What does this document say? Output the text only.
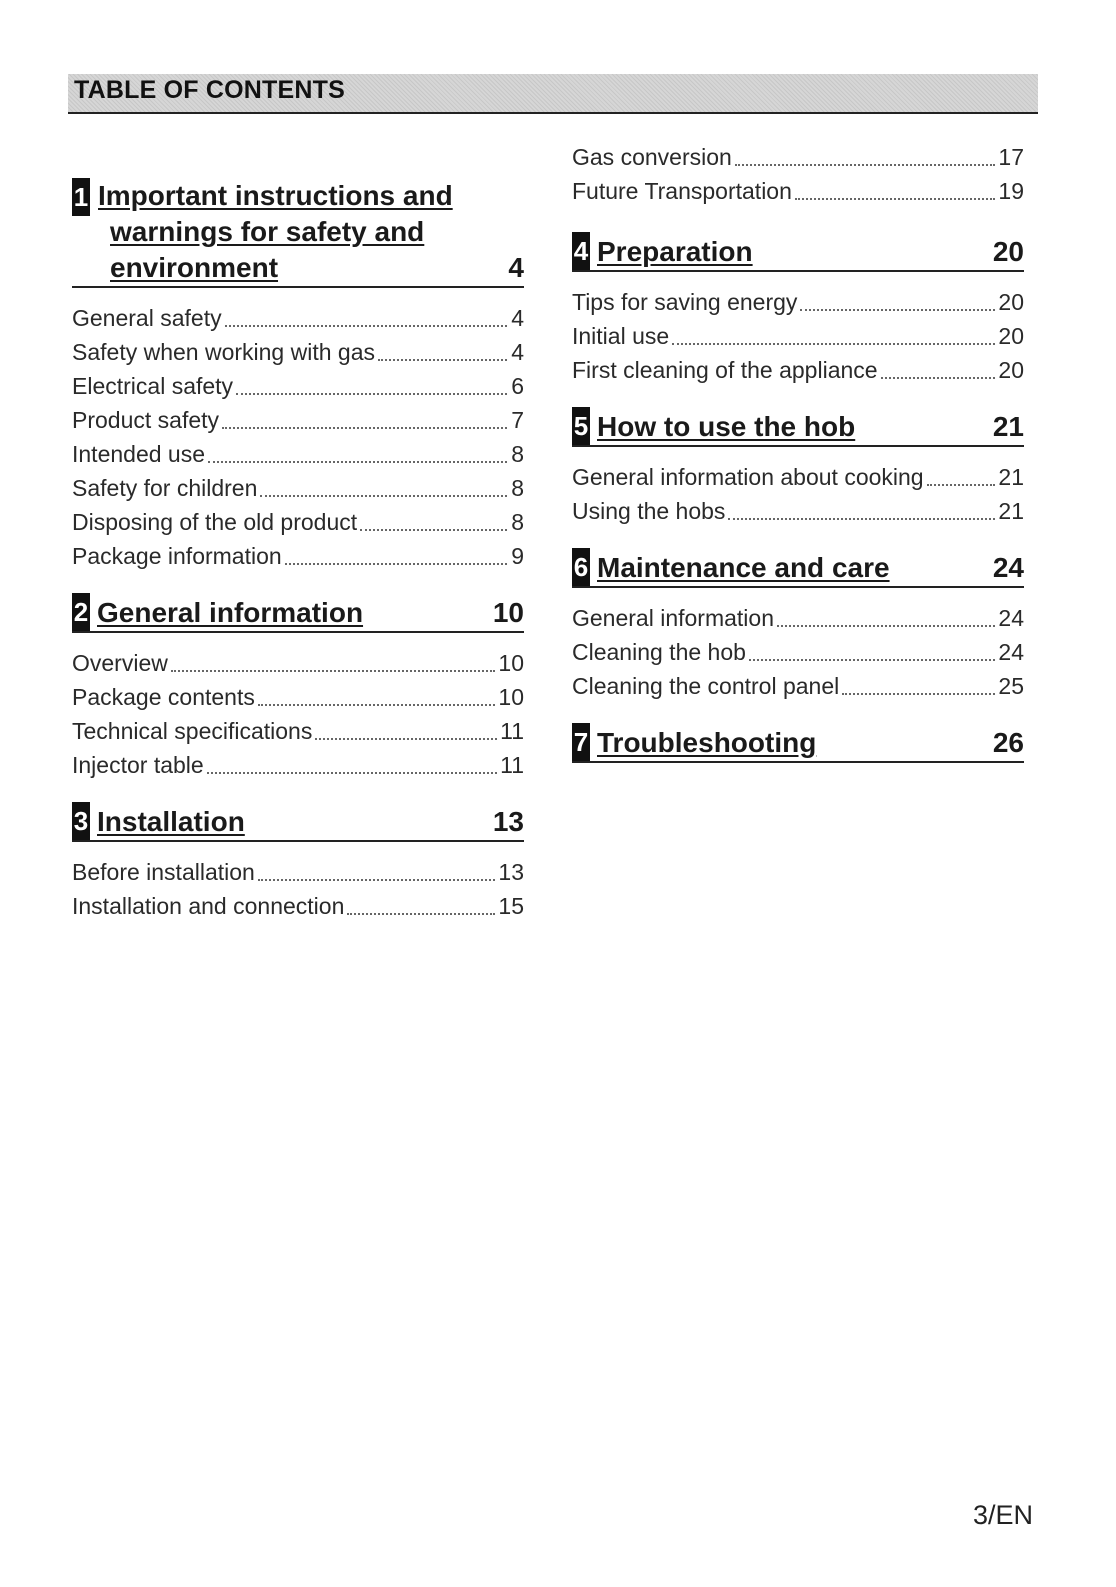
TABLE OF CONTENTS
1 Important instructions and
warnings for safety and
environment	4
General safety	4
Safety when working with gas	4
Electrical safety	6
Product safety	7
Intended use	8
Safety for children	8
Disposing of the old product	8
Package information	9
2 General information	10
Overview	10
Package contents	10
Technical specifications	11
Injector table	11
3 Installation	13
Before installation	13
Installation and connection	15
Gas conversion	17
Future Transportation	19
4 Preparation	20
Tips for saving energy	20
Initial use	20
First cleaning of the appliance	20
5 How to use the hob	21
General information about cooking	21
Using the hobs	21
6 Maintenance and care	24
General information	24
Cleaning the hob	24
Cleaning the control panel	25
7 Troubleshooting	26
3/EN
